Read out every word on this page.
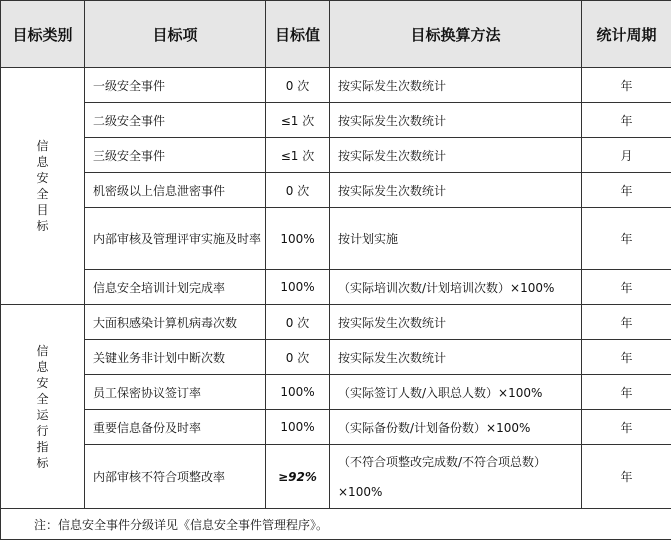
目标类别	目标项	目标值	目标换算方法	统计周期
信息安全目标	一级安全事件	0 次	按实际发生次数统计	年
	二级安全事件	≤1 次	按实际发生次数统计	年
	三级安全事件	≤1 次	按实际发生次数统计	月
	机密级以上信息泄密事件	0 次	按实际发生次数统计	年
	内部审核及管理评审实施及时率	100%	按计划实施	年
	信息安全培训计划完成率	100%	（实际培训次数/计划培训次数）×100%	年
信息安全运行指标	大面积感染计算机病毒次数	0 次	按实际发生次数统计	年
	关键业务非计划中断次数	0 次	按实际发生次数统计	年
	员工保密协议签订率	100%	（实际签订人数/入职总人数）×100%	年
	重要信息备份及时率	100%	（实际备份数/计划备份数）×100%	年
	内部审核不符合项整改率	≥92%	（不符合项整改完成数/不符合项总数）×100%	年
注：信息安全事件分级详见《信息安全事件管理程序》。				
